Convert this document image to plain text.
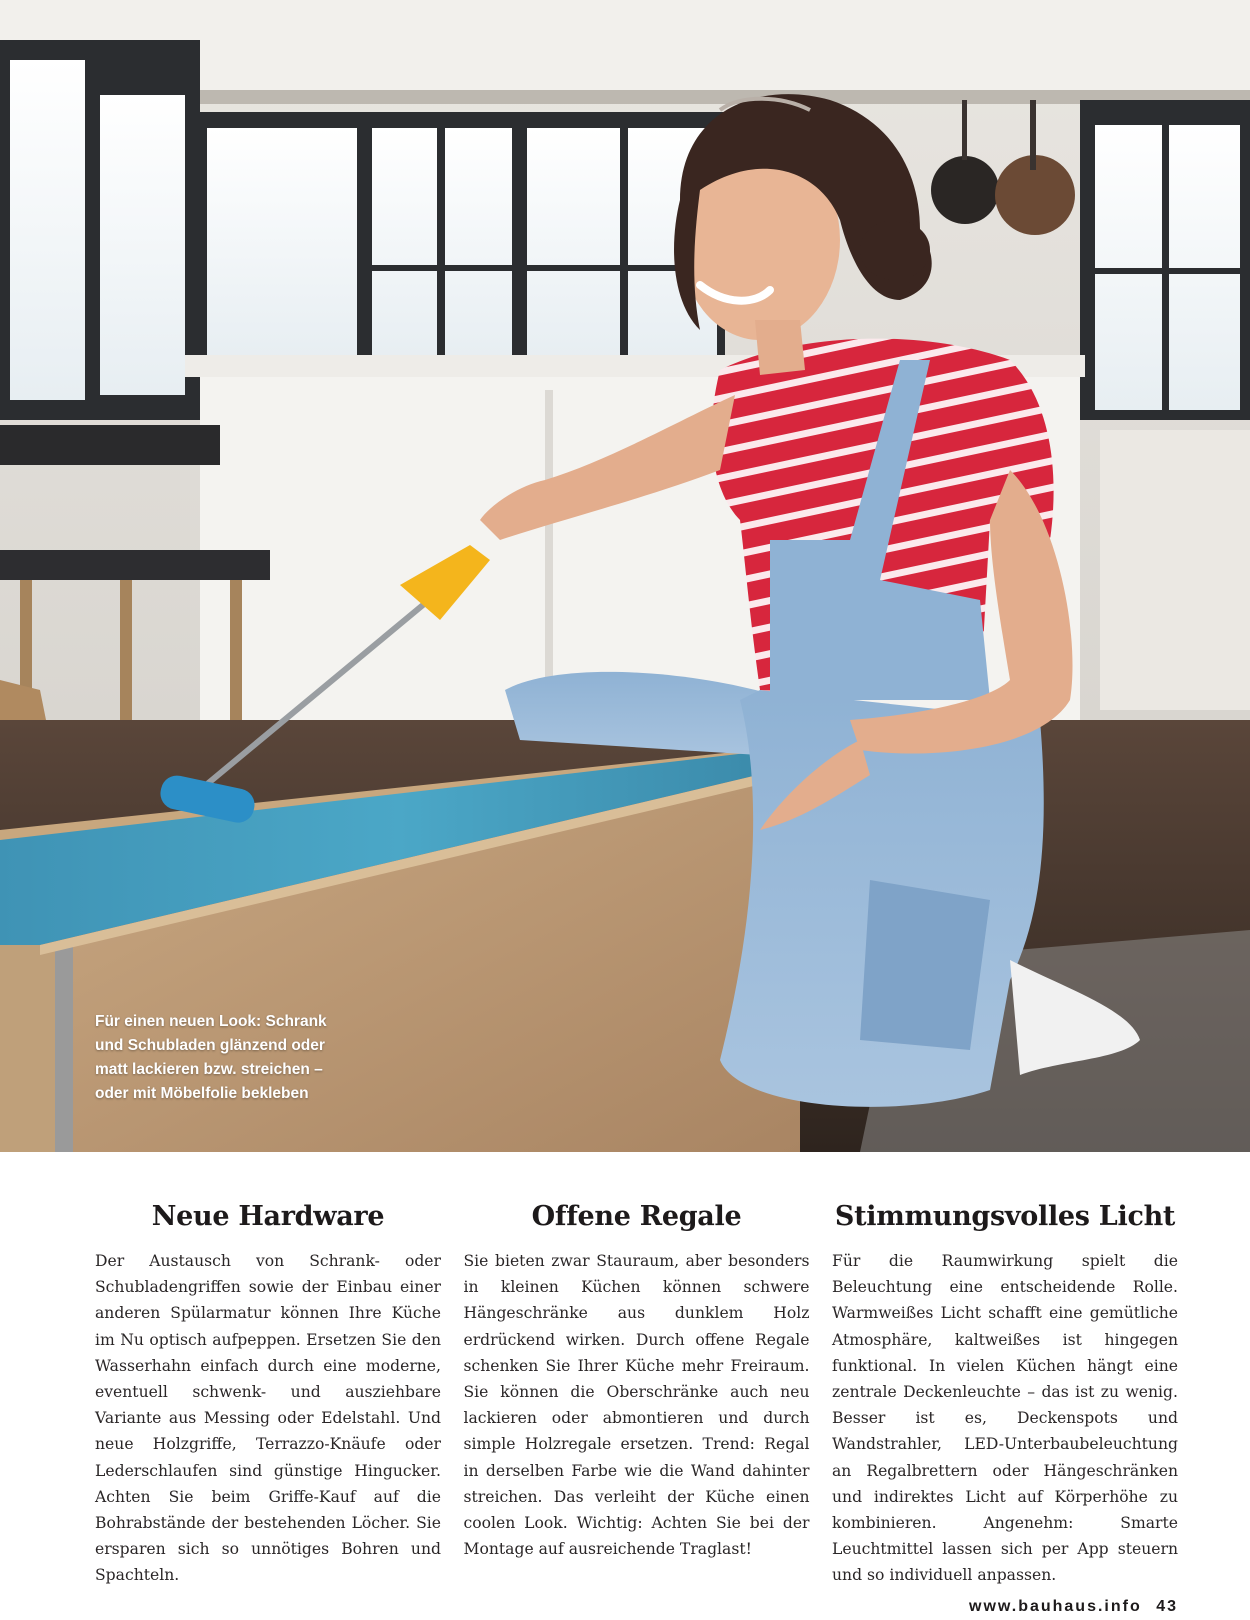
Für einen neuen Look: Schrank und Schubladen glänzend oder matt lackieren bzw. streichen – oder mit Möbelfolie bekleben
Neue Hardware

Der Austausch von Schrank- oder Schubladengriffen sowie der Einbau einer anderen Spülarmatur können Ihre Küche im Nu optisch aufpeppen. Ersetzen Sie den Wasserhahn einfach durch eine moderne, eventuell schwenk- und ausziehbare Variante aus Messing oder Edelstahl. Und neue Holzgriffe, Terrazzo-Knäufe oder Lederschlaufen sind günstige Hingucker. Achten Sie beim Griffe-Kauf auf die Bohrabstände der bestehenden Löcher. Sie ersparen sich so unnötiges Bohren und Spachteln.

Offene Regale

Sie bieten zwar Stauraum, aber besonders in kleinen Küchen können schwere Hängeschränke aus dunklem Holz erdrückend wirken. Durch offene Regale schenken Sie Ihrer Küche mehr Freiraum. Sie können die Oberschränke auch neu lackieren oder abmontieren und durch simple Holzregale ersetzen. Trend: Regal in derselben Farbe wie die Wand dahinter streichen. Das verleiht der Küche einen coolen Look. Wichtig: Achten Sie bei der Montage auf ausreichende Traglast!

Stimmungsvolles Licht

Für die Raumwirkung spielt die Beleuchtung eine entscheidende Rolle. Warmweißes Licht schafft eine gemütliche Atmosphäre, kaltweißes ist hingegen funktional. In vielen Küchen hängt eine zentrale Deckenleuchte – das ist zu wenig. Besser ist es, Deckenspots und Wandstrahler, LED-Unterbaubeleuchtung an Regalbrettern oder Hängeschränken und indirektes Licht auf Körperhöhe zu kombinieren. Angenehm: Smarte Leuchtmittel lassen sich per App steuern und so individuell anpassen.

www.bauhaus.info 43
